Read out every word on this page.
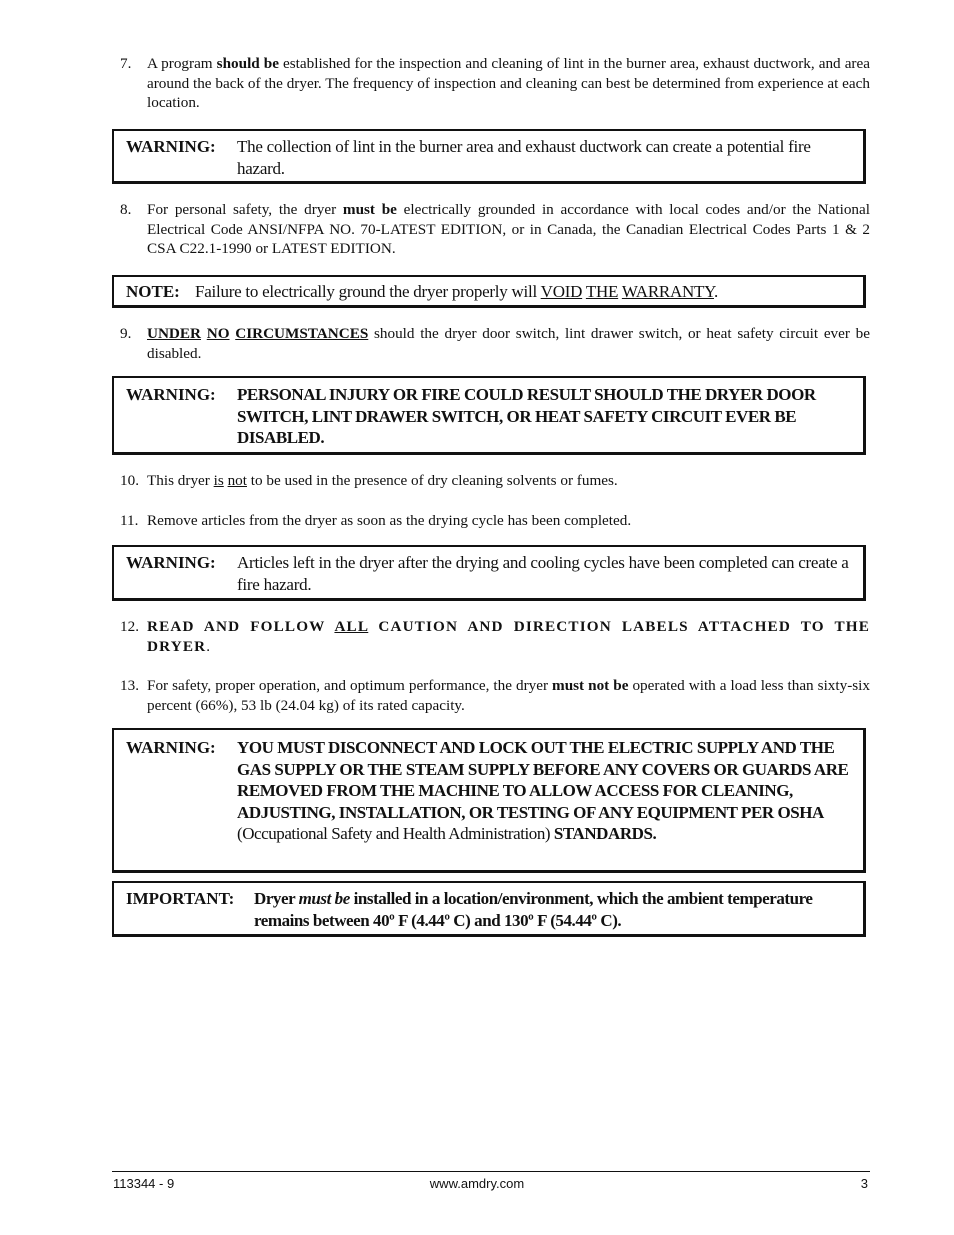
7. A program should be established for the inspection and cleaning of lint in the burner area, exhaust ductwork, and area around the back of the dryer. The frequency of inspection and cleaning can best be determined from experience at each location.
WARNING: The collection of lint in the burner area and exhaust ductwork can create a potential fire hazard.
8. For personal safety, the dryer must be electrically grounded in accordance with local codes and/or the National Electrical Code ANSI/NFPA NO. 70-LATEST EDITION, or in Canada, the Canadian Electrical Codes Parts 1 & 2 CSA C22.1-1990 or LATEST EDITION.
NOTE: Failure to electrically ground the dryer properly will VOID THE WARRANTY.
9. UNDER NO CIRCUMSTANCES should the dryer door switch, lint drawer switch, or heat safety circuit ever be disabled.
WARNING: PERSONAL INJURY OR FIRE COULD RESULT SHOULD THE DRYER DOOR SWITCH, LINT DRAWER SWITCH, OR HEAT SAFETY CIRCUIT EVER BE DISABLED.
10. This dryer is not to be used in the presence of dry cleaning solvents or fumes.
11. Remove articles from the dryer as soon as the drying cycle has been completed.
WARNING: Articles left in the dryer after the drying and cooling cycles have been completed can create a fire hazard.
12. READ AND FOLLOW ALL CAUTION AND DIRECTION LABELS ATTACHED TO THE DRYER.
13. For safety, proper operation, and optimum performance, the dryer must not be operated with a load less than sixty-six percent (66%), 53 lb (24.04 kg) of its rated capacity.
WARNING: YOU MUST DISCONNECT AND LOCK OUT THE ELECTRIC SUPPLY AND THE GAS SUPPLY OR THE STEAM SUPPLY BEFORE ANY COVERS OR GUARDS ARE REMOVED FROM THE MACHINE TO ALLOW ACCESS FOR CLEANING, ADJUSTING, INSTALLATION, OR TESTING OF ANY EQUIPMENT PER OSHA (Occupational Safety and Health Administration) STANDARDS.
IMPORTANT: Dryer must be installed in a location/environment, which the ambient temperature remains between 40º F (4.44º C) and 130º F (54.44º C).
113344 - 9	www.amdry.com	3
